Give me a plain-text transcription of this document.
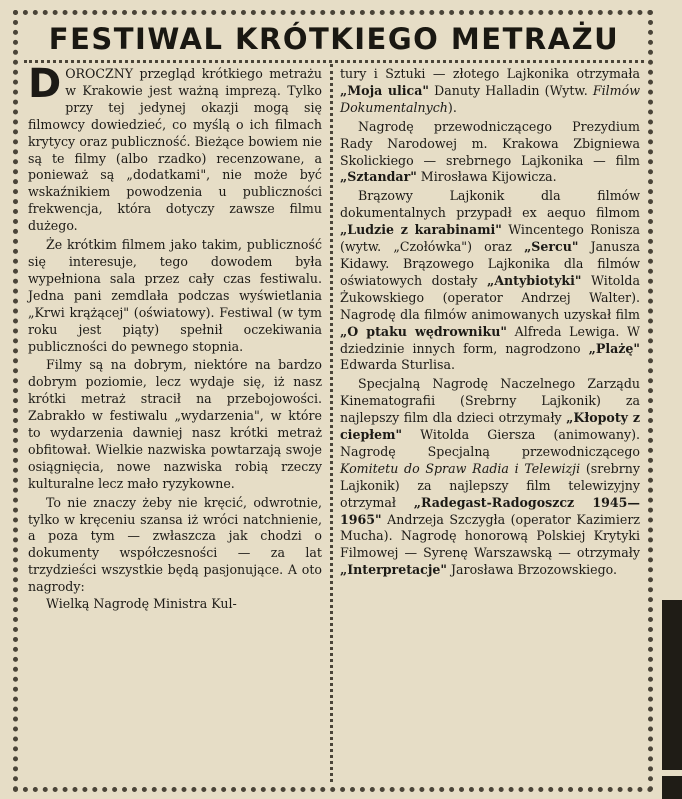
FESTIWAL KRÓTKIEGO METRAŻU

DOROCZNY przegląd krótkiego metrażu w Krakowie jest ważną imprezą. Tylko przy tej jedynej okazji mogą się filmowcy dowiedzieć, co myślą o ich filmach krytycy oraz publiczność. Bieżące bowiem nie są te filmy (albo rzadko) recenzowane, a ponieważ są „dodatkami", nie może być wskaźnikiem powodzenia u publiczności frekwencja, która dotyczy zawsze filmu dużego.

Że krótkim filmem jako takim, publiczność się interesuje, tego dowodem była wypełniona sala przez cały czas festiwalu. Jedna pani zemdlała podczas wyświetlania „Krwi krążącej" (oświatowy). Festiwal (w tym roku jest piąty) spełnił oczekiwania publiczności do pewnego stopnia.

Filmy są na dobrym, niektóre na bardzo dobrym poziomie, lecz wydaje się, iż nasz krótki metraż stracił na przebojowości. Zabrakło w festiwalu „wydarzenia", w które to wydarzenia dawniej nasz krótki metraż obfitował. Wielkie nazwiska powtarzają swoje osiągnięcia, nowe nazwiska robią rzeczy kulturalne lecz mało ryzykowne.

To nie znaczy żeby nie kręcić, odwrotnie, tylko w kręceniu szansa iż wróci natchnienie, a poza tym — zwłaszcza jak chodzi o dokumenty współczesności — za lat trzydzieści wszystkie będą pasjonujące. A oto nagrody:

Wielką Nagrodę Ministra Kul-

tury i Sztuki — złotego Lajkonika otrzymała „Moja ulica" Danuty Halladin (Wytw. Filmów Dokumentalnych).

Nagrodę przewodniczącego Prezydium Rady Narodowej m. Krakowa Zbigniewa Skolickiego — srebrnego Lajkonika — film „Sztandar" Mirosława Kijowicza.

Brązowy Lajkonik dla filmów dokumentalnych przypadł ex aequo filmom „Ludzie z karabinami" Wincentego Ronisza (wytw. „Czołówka") oraz „Sercu" Janusza Kidawy. Brązowego Lajkonika dla filmów oświatowych dostały „Antybiotyki" Witolda Żukowskiego (operator Andrzej Walter). Nagrodę dla filmów animowanych uzyskał film „O ptaku wędrowniku" Alfreda Lewiga. W dziedzinie innych form, nagrodzono „Plażę" Edwarda Sturlisa.

Specjalną Nagrodę Naczelnego Zarządu Kinematografii (Srebrny Lajkonik) za najlepszy film dla dzieci otrzymały „Kłopoty z ciepłem" Witolda Giersza (animowany). Nagrodę Specjalną przewodniczącego Komitetu do Spraw Radia i Telewizji (srebrny Lajkonik) za najlepszy film telewizyjny otrzymał „Radegast-Radogoszcz 1945—1965" Andrzeja Szczygła (operator Kazimierz Mucha). Nagrodę honorową Polskiej Krytyki Filmowej — Syrenę Warszawską — otrzymały „Interpretacje" Jarosława Brzozowskiego.
